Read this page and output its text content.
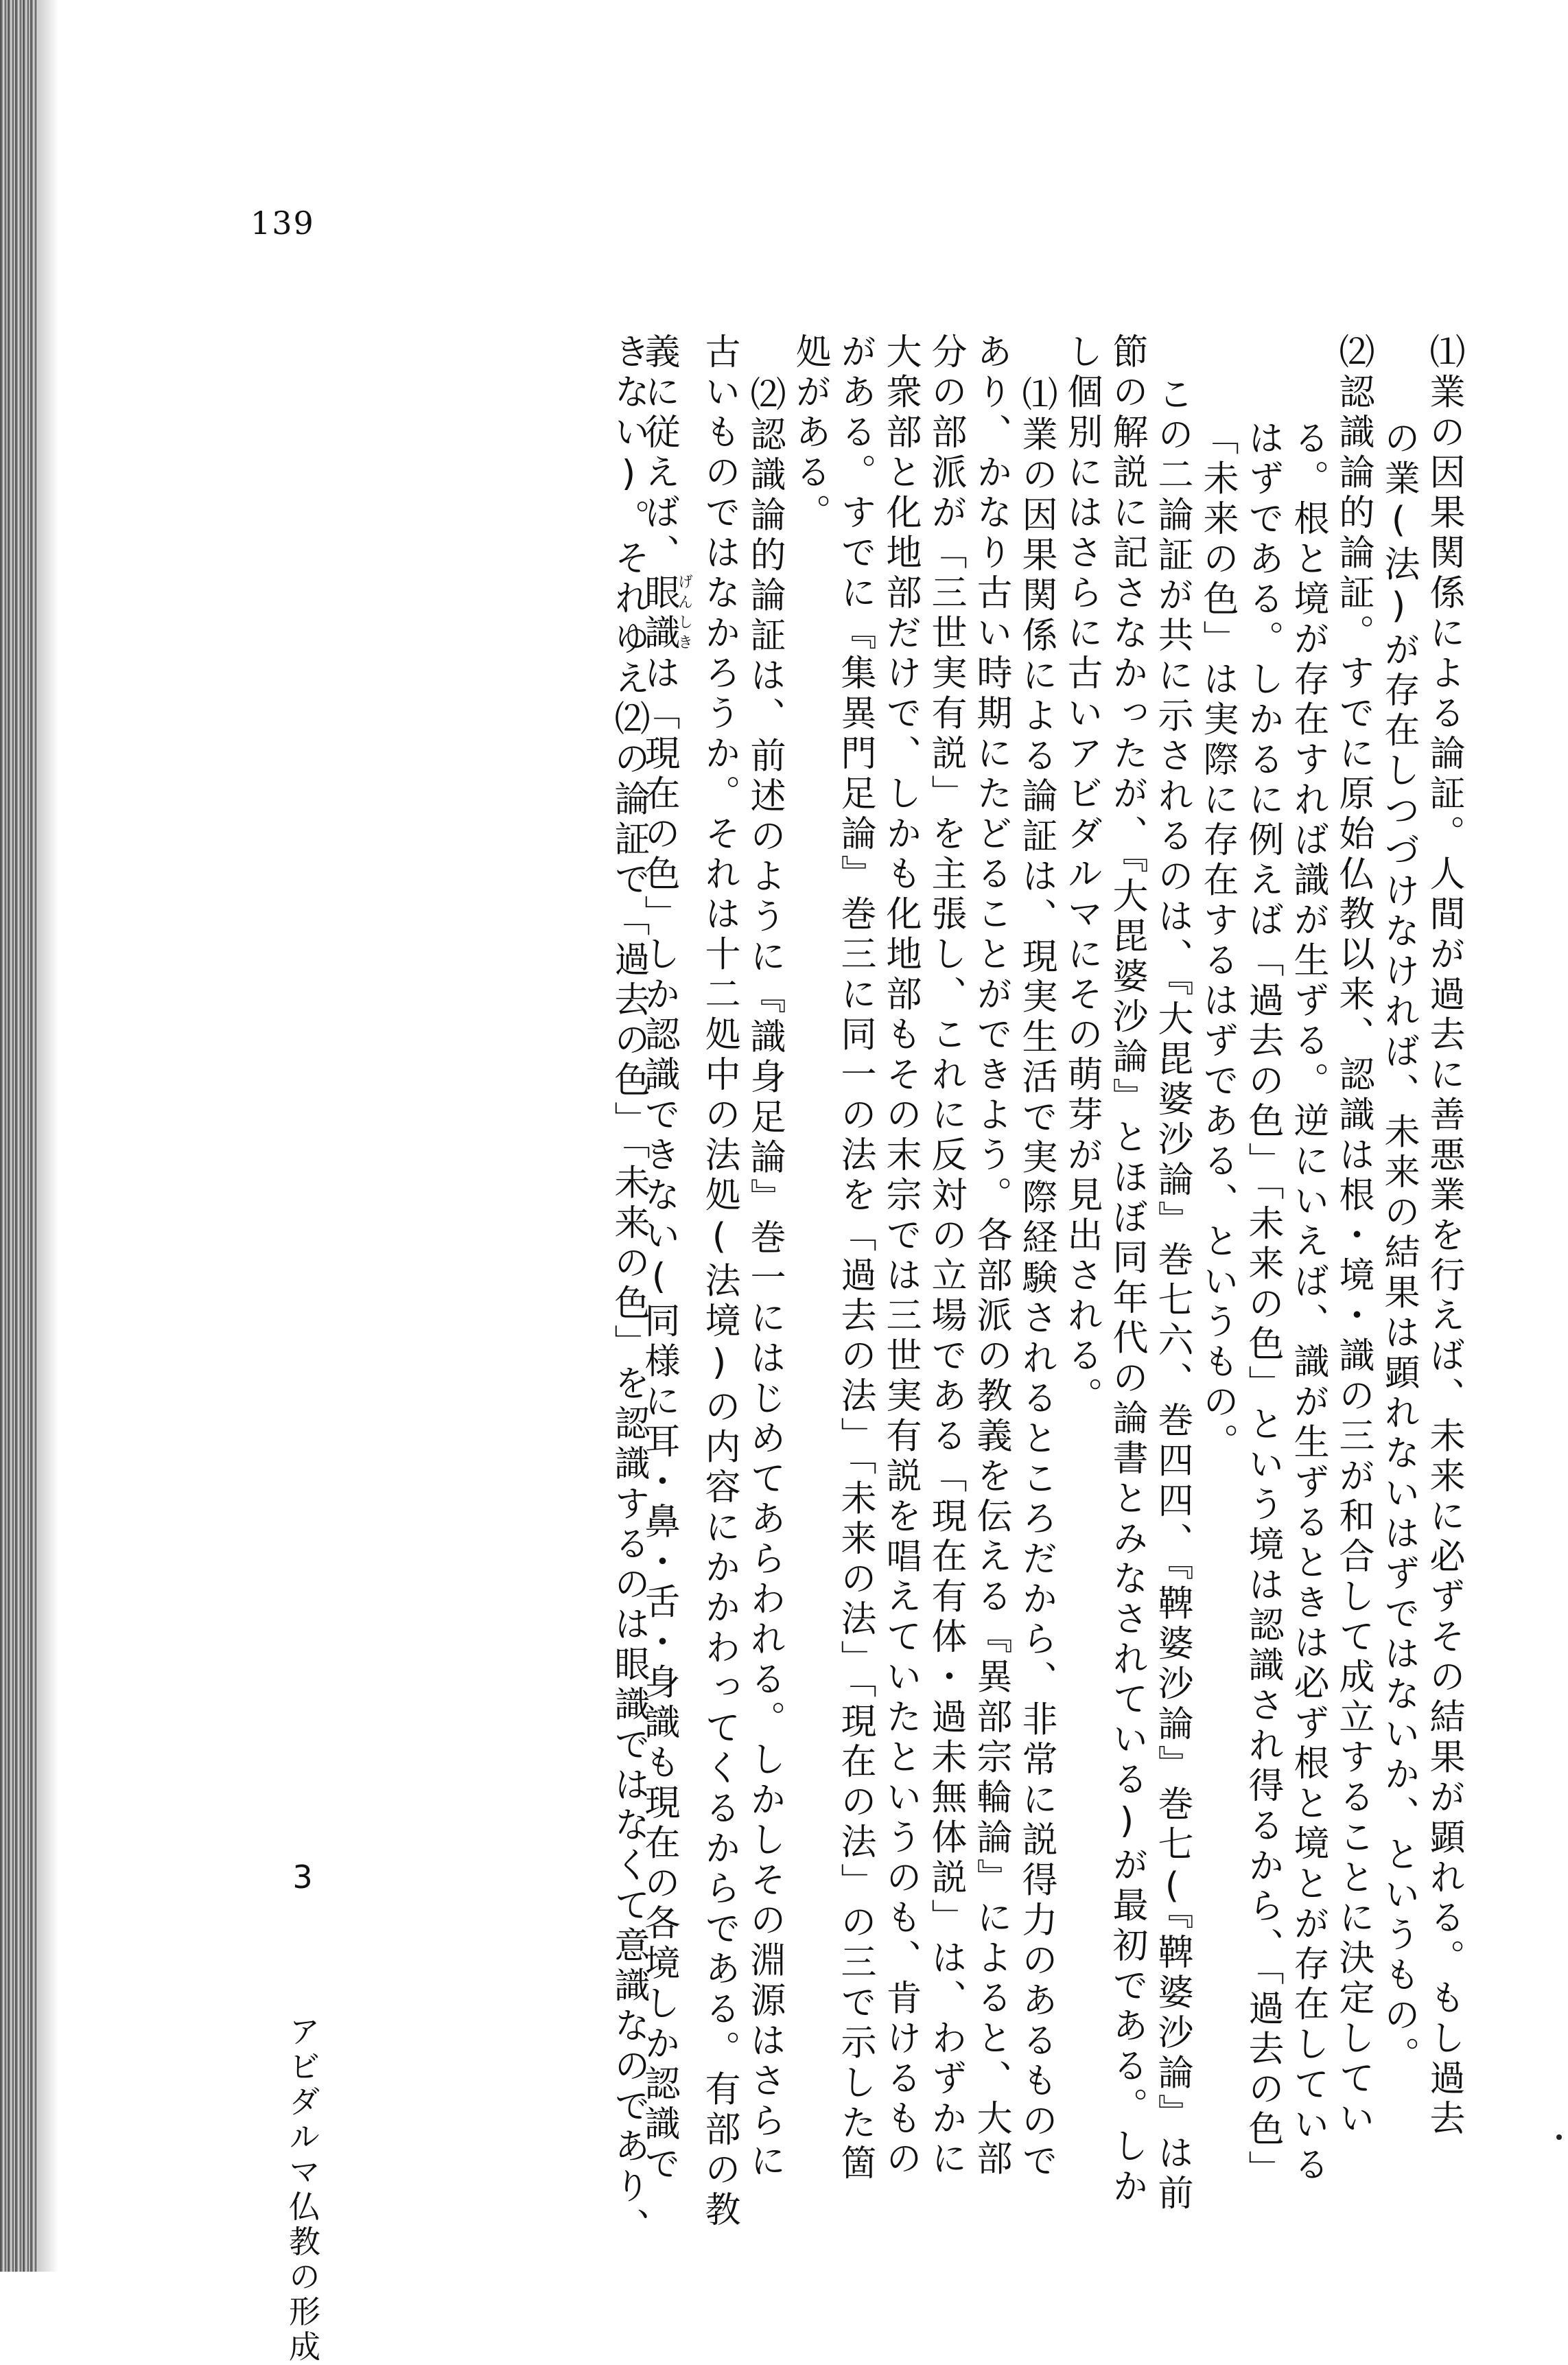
139
⑴業の因果関係による論証。人間が過去に善悪業を行えば、未来に必ずその結果が顕れる。もし過去
の業(法)が存在しつづけなければ、未来の結果は顕れないはずではないか、というもの。
⑵認識論的論証。すでに原始仏教以来、認識は根・境・識の三が和合して成立することに決定してい
る。根と境が存在すれば識が生ずる。逆にいえば、識が生ずるときは必ず根と境とが存在している
はずである。しかるに例えば「過去の色」「未来の色」という境は認識され得るから、「過去の色」
「未来の色」は実際に存在するはずである、というもの。
この二論証が共に示されるのは、『大毘婆沙論』巻七六、巻四四、『鞞婆沙論』巻七(『鞞婆沙論』は前
節の解説に記さなかったが、『大毘婆沙論』とほぼ同年代の論書とみなされている)が最初である。しか
し個別にはさらに古いアビダルマにその萌芽が見出される。
⑴業の因果関係による論証は、現実生活で実際経験されるところだから、非常に説得力のあるもので
あり、かなり古い時期にたどることができよう。各部派の教義を伝える『異部宗輪論』によると、大部
分の部派が「三世実有説」を主張し、これに反対の立場である「現在有体・過未無体説」は、わずかに
大衆部と化地部だけで、しかも化地部もその末宗では三世実有説を唱えていたというのも、肯けるもの
がある。すでに『集異門足論』巻三に同一の法を「過去の法」「未来の法」「現在の法」の三で示した箇
処がある。
⑵認識論的論証は、前述のように『識身足論』巻一にはじめてあらわれる。しかしその淵源はさらに
古いものではなかろうか。それは十二処中の法処(法境)の内容にかかわってくるからである。有部の教
義に従えば、眼識げんしきは「現在の色」しか認識できない(同様に耳・鼻・舌・身識も現在の各境しか認識で
きない)。それゆえ⑵の論証で「過去の色」「未来の色」を認識するのは眼識ではなくて意識なのであり、
3 　 アビダルマ仏教の形成
